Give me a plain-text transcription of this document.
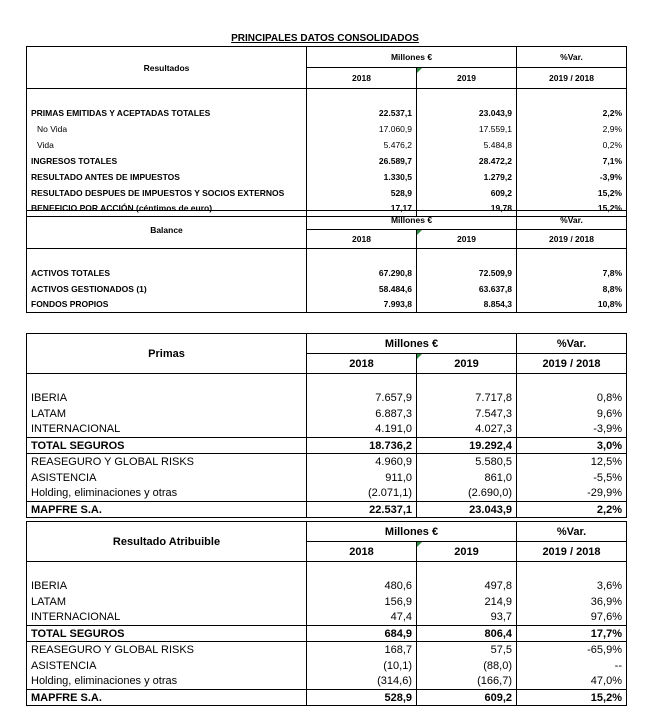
PRINCIPALES DATOS CONSOLIDADOS
Resultados	Millones €		%Var.
	2018	2019	2019 / 2018

PRIMAS EMITIDAS Y ACEPTADAS TOTALES	22.537,1	23.043,9	2,2%
No Vida	17.060,9	17.559,1	2,9%
Vida	5.476,2	5.484,8	0,2%
INGRESOS TOTALES	26.589,7	28.472,2	7,1%
RESULTADO ANTES DE IMPUESTOS	1.330,5	1.279,2	-3,9%
RESULTADO DESPUES DE IMPUESTOS Y SOCIOS EXTERNOS	528,9	609,2	15,2%
BENEFICIO POR ACCIÓN (céntimos de euro)	17,17	19,78	15,2%
Balance	Millones €		%Var.
	2018	2019	2019 / 2018

ACTIVOS TOTALES	67.290,8	72.509,9	7,8%
ACTIVOS GESTIONADOS (1)	58.484,6	63.637,8	8,8%
FONDOS PROPIOS	7.993,8	8.854,3	10,8%
Primas	Millones €		%Var.
	2018	2019	2019 / 2018

IBERIA	7.657,9	7.717,8	0,8%
LATAM	6.887,3	7.547,3	9,6%
INTERNACIONAL	4.191,0	4.027,3	-3,9%
TOTAL SEGUROS	18.736,2	19.292,4	3,0%
REASEGURO Y GLOBAL RISKS	4.960,9	5.580,5	12,5%
ASISTENCIA	911,0	861,0	-5,5%
Holding, eliminaciones y otras	(2.071,1)	(2.690,0)	-29,9%
MAPFRE S.A.	22.537,1	23.043,9	2,2%
Resultado Atribuible	Millones €		%Var.
	2018	2019	2019 / 2018

IBERIA	480,6	497,8	3,6%
LATAM	156,9	214,9	36,9%
INTERNACIONAL	47,4	93,7	97,6%
TOTAL SEGUROS	684,9	806,4	17,7%
REASEGURO Y GLOBAL RISKS	168,7	57,5	-65,9%
ASISTENCIA	(10,1)	(88,0)	--
Holding, eliminaciones y otras	(314,6)	(166,7)	47,0%
MAPFRE S.A.	528,9	609,2	15,2%
